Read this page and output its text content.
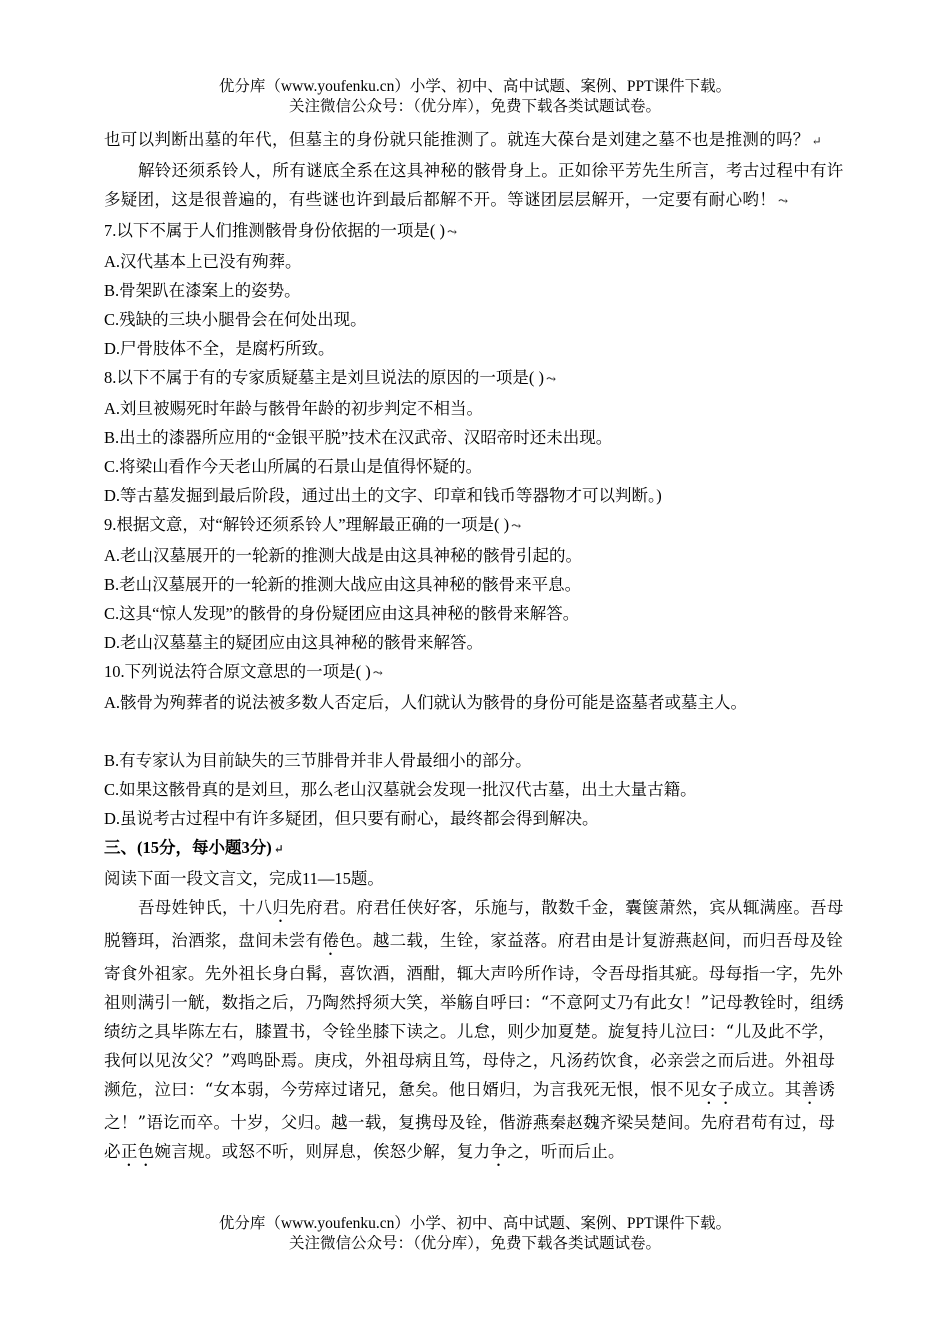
优分库（www.youfenku.cn）小学、初中、高中试题、案例、PPT课件下载。
关注微信公众号：（优分库），免费下载各类试题试卷。

也可以判断出墓的年代，但墓主的身份就只能推测了。就连大葆台是刘建之墓不也是推测的吗？ ↵

解铃还须系铃人，所有谜底全系在这具神秘的骸骨身上。正如徐平芳先生所言，考古过程中有许多疑团，这是很普遍的，有些谜也许到最后都解不开。等谜团层层解开，一定要有耐心哟！ ⤳

7.以下不属于人们推测骸骨身份依据的一项是( ) ⤳

A.汉代基本上已没有殉葬。

B.骨架趴在漆案上的姿势。

C.残缺的三块小腿骨会在何处出现。

D.尸骨肢体不全，是腐朽所致。

8.以下不属于有的专家质疑墓主是刘旦说法的原因的一项是( ) ⤳

A.刘旦被赐死时年龄与骸骨年龄的初步判定不相当。

B.出土的漆器所应用的“金银平脱”技术在汉武帝、汉昭帝时还未出现。

C.将梁山看作今天老山所属的石景山是值得怀疑的。

D.等古墓发掘到最后阶段，通过出土的文字、印章和钱币等器物才可以判断。)

9.根据文意，对“解铃还须系铃人”理解最正确的一项是( ) ⤳

A.老山汉墓展开的一轮新的推测大战是由这具神秘的骸骨引起的。

B.老山汉墓展开的一轮新的推测大战应由这具神秘的骸骨来平息。

C.这具“惊人发现”的骸骨的身份疑团应由这具神秘的骸骨来解答。

D.老山汉墓墓主的疑团应由这具神秘的骸骨来解答。

10.下列说法符合原文意思的一项是( ) ⤳

A.骸骨为殉葬者的说法被多数人否定后，人们就认为骸骨的身份可能是盗墓者或墓主人。

B.有专家认为目前缺失的三节腓骨并非人骨最细小的部分。

C.如果这骸骨真的是刘旦，那么老山汉墓就会发现一批汉代古墓，出土大量古籍。

D.虽说考古过程中有许多疑团，但只要有耐心，最终都会得到解决。

三、(15分，每小题3分) ↵

阅读下面一段文言文，完成11—15题。

吾母姓钟氏，十八归先府君。府君任侠好客，乐施与，散数千金，囊箧萧然，宾从辄满座。吾母脱簪珥，治酒浆，盘间未尝有倦色。越二载，生铨，家益落。府君由是计复游燕赵间，而归吾母及铨寄食外祖家。先外祖长身白髯，喜饮酒，酒酣，辄大声吟所作诗，令吾母指其疵。母每指一字，先外祖则满引一觥，数指之后，乃陶然捋须大笑，举觞自呼曰：“不意阿丈乃有此女！”记母教铨时，组绣绩纺之具毕陈左右，膝置书，令铨坐膝下读之。儿怠，则少加夏楚。旋复持儿泣曰：“儿及此不学，我何以见汝父？”鸡鸣卧焉。庚戌，外祖母病且笃，母侍之，凡汤药饮食，必亲尝之而后进。外祖母濒危，泣曰：“女本弱，今劳瘁过诸兄，惫矣。他日婿归，为言我死无恨，恨不见女子成立。其善诱之！”语讫而卒。十岁，父归。越一载，复携母及铨，偕游燕秦赵魏齐梁吴楚间。先府君苟有过，母必正色婉言规。或怒不听，则屏息，俟怒少解，复力争之，听而后止。

优分库（www.youfenku.cn）小学、初中、高中试题、案例、PPT课件下载。
关注微信公众号：（优分库），免费下载各类试题试卷。
